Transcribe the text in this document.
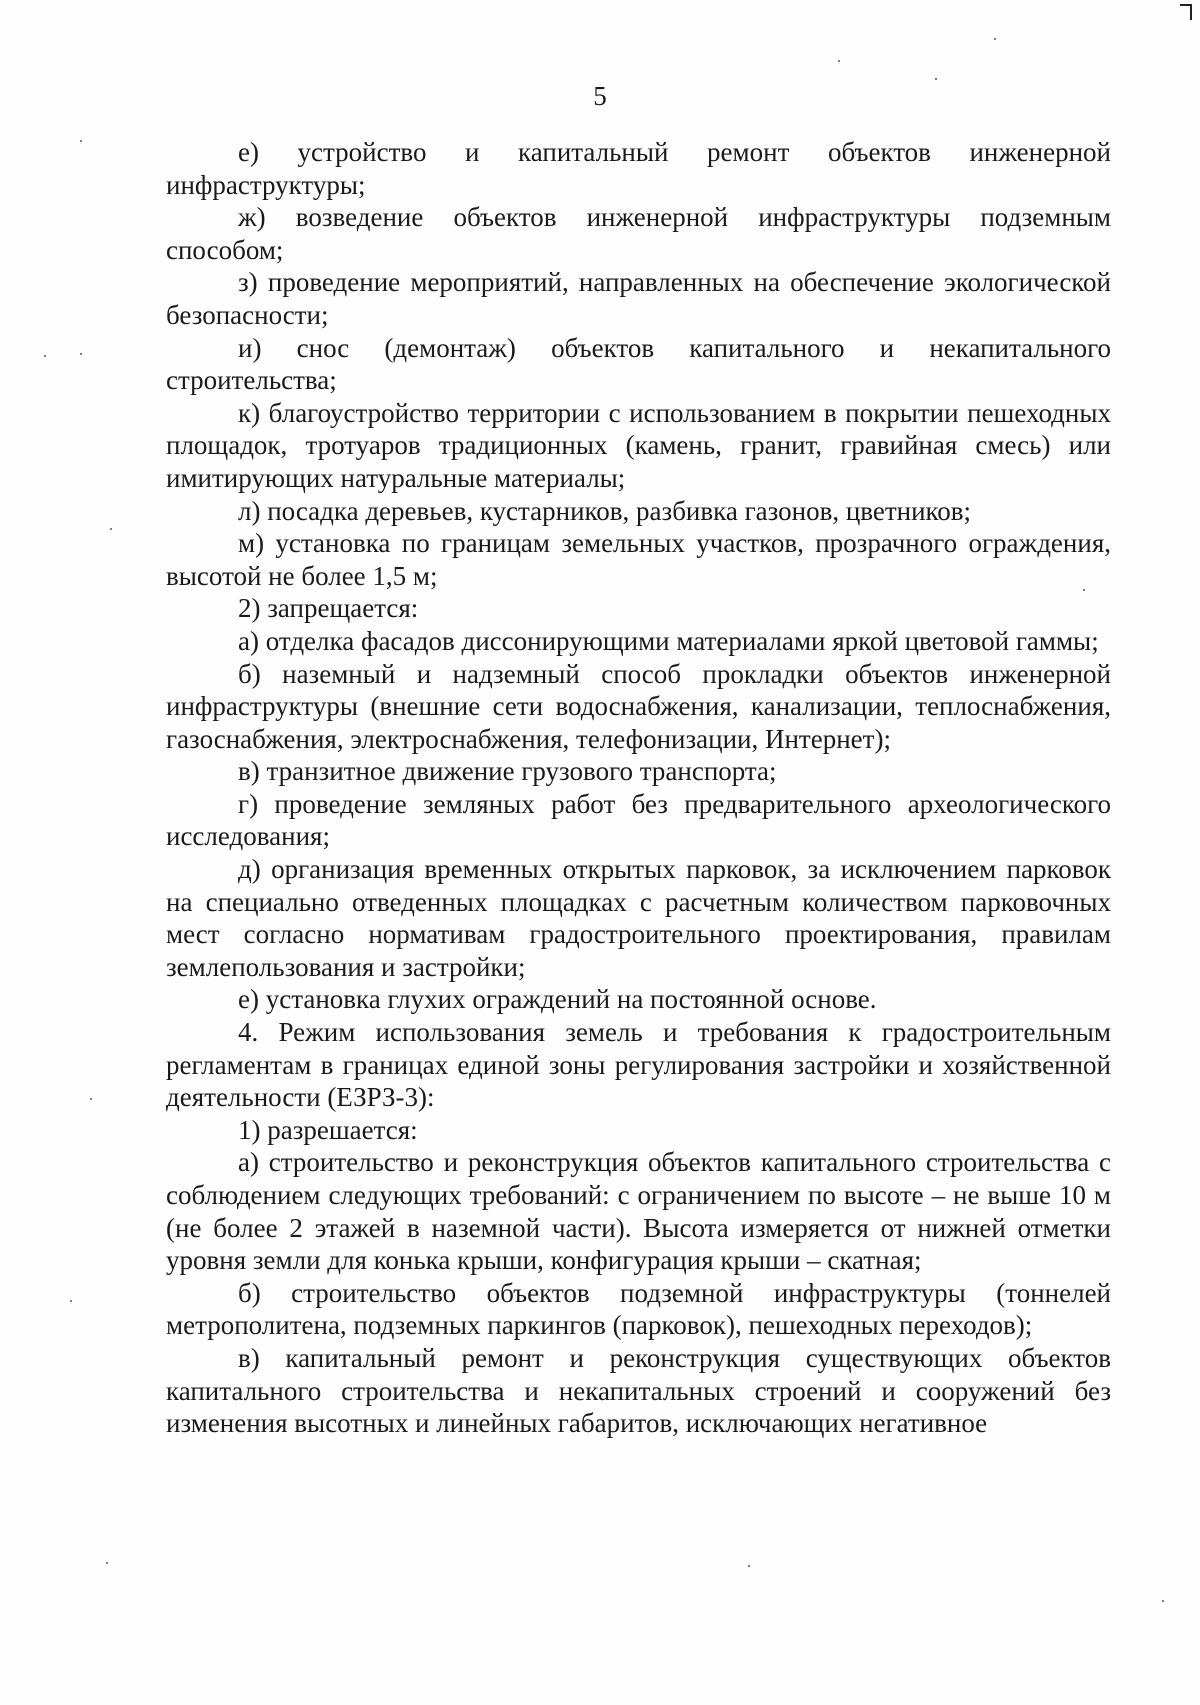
5

е) устройство и капитальный ремонт объектов инженерной инфраструктуры;

ж) возведение объектов инженерной инфраструктуры подземным способом;

з) проведение мероприятий, направленных на обеспечение экологической безопасности;

и) снос (демонтаж) объектов капитального и некапитального строительства;

к) благоустройство территории с использованием в покрытии пешеходных площадок, тротуаров традиционных (камень, гранит, гравийная смесь) или имитирующих натуральные материалы;

л) посадка деревьев, кустарников, разбивка газонов, цветников;

м) установка по границам земельных участков, прозрачного ограждения, высотой не более 1,5 м;

2) запрещается:

а) отделка фасадов диссонирующими материалами яркой цветовой гаммы;

б) наземный и надземный способ прокладки объектов инженерной инфраструктуры (внешние сети водоснабжения, канализации, теплоснабжения, газоснабжения, электроснабжения, телефонизации, Интернет);

в) транзитное движение грузового транспорта;

г) проведение земляных работ без предварительного археологического исследования;

д) организация временных открытых парковок, за исключением парковок на специально отведенных площадках с расчетным количеством парковочных мест согласно нормативам градостроительного проектирования, правилам землепользования и застройки;

е) установка глухих ограждений на постоянной основе.

4. Режим использования земель и требования к градостроительным регламентам в границах единой зоны регулирования застройки и хозяйственной деятельности (ЕЗРЗ-3):

1) разрешается:

а) строительство и реконструкция объектов капитального строительства с соблюдением следующих требований: с ограничением по высоте – не выше 10 м (не более 2 этажей в наземной части). Высота измеряется от нижней отметки уровня земли для конька крыши, конфигурация крыши – скатная;

б) строительство объектов подземной инфраструктуры (тоннелей метрополитена, подземных паркингов (парковок), пешеходных переходов);

в) капитальный ремонт и реконструкция существующих объектов капитального строительства и некапитальных строений и сооружений без изменения высотных и линейных габаритов, исключающих негативное
